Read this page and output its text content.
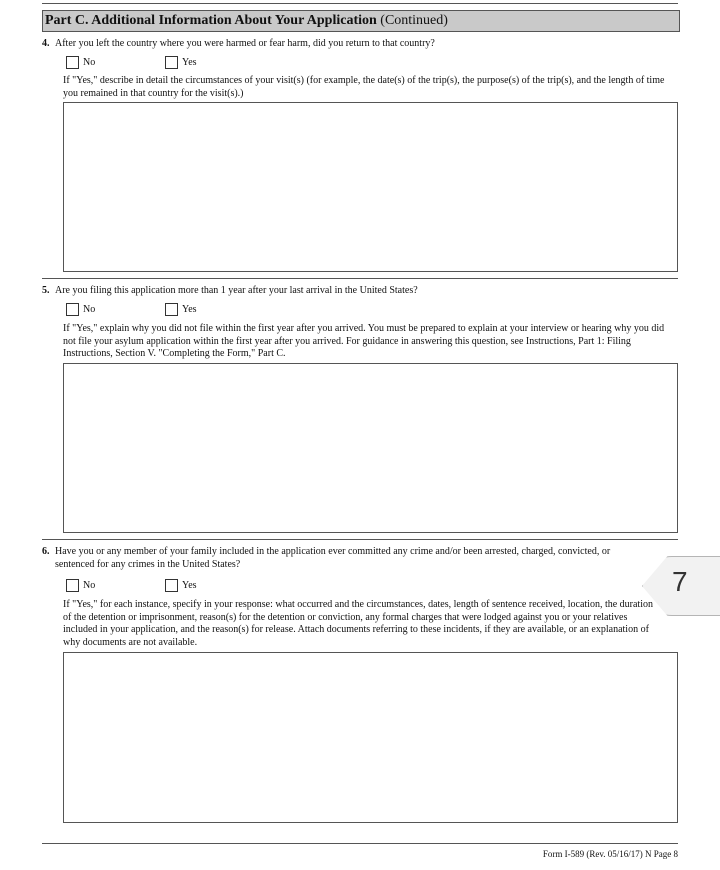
Part C. Additional Information About Your Application (Continued)
4. After you left the country where you were harmed or fear harm, did you return to that country?
No	Yes
If "Yes," describe in detail the circumstances of your visit(s) (for example, the date(s) of the trip(s), the purpose(s) of the trip(s), and the length of time you remained in that country for the visit(s).)
5. Are you filing this application more than 1 year after your last arrival in the United States?
No	Yes
If "Yes," explain why you did not file within the first year after you arrived. You must be prepared to explain at your interview or hearing why you did not file your asylum application within the first year after you arrived. For guidance in answering this question, see Instructions, Part 1: Filing Instructions, Section V. "Completing the Form," Part C.
6. Have you or any member of your family included in the application ever committed any crime and/or been arrested, charged, convicted, or sentenced for any crimes in the United States?
No	Yes
If "Yes," for each instance, specify in your response: what occurred and the circumstances, dates, length of sentence received, location, the duration of the detention or imprisonment, reason(s) for the detention or conviction, any formal charges that were lodged against you or your relatives included in your application, and the reason(s) for release. Attach documents referring to these incidents, if they are available, or an explanation of why documents are not available.
Form I-589 (Rev. 05/16/17) N Page 8
7
